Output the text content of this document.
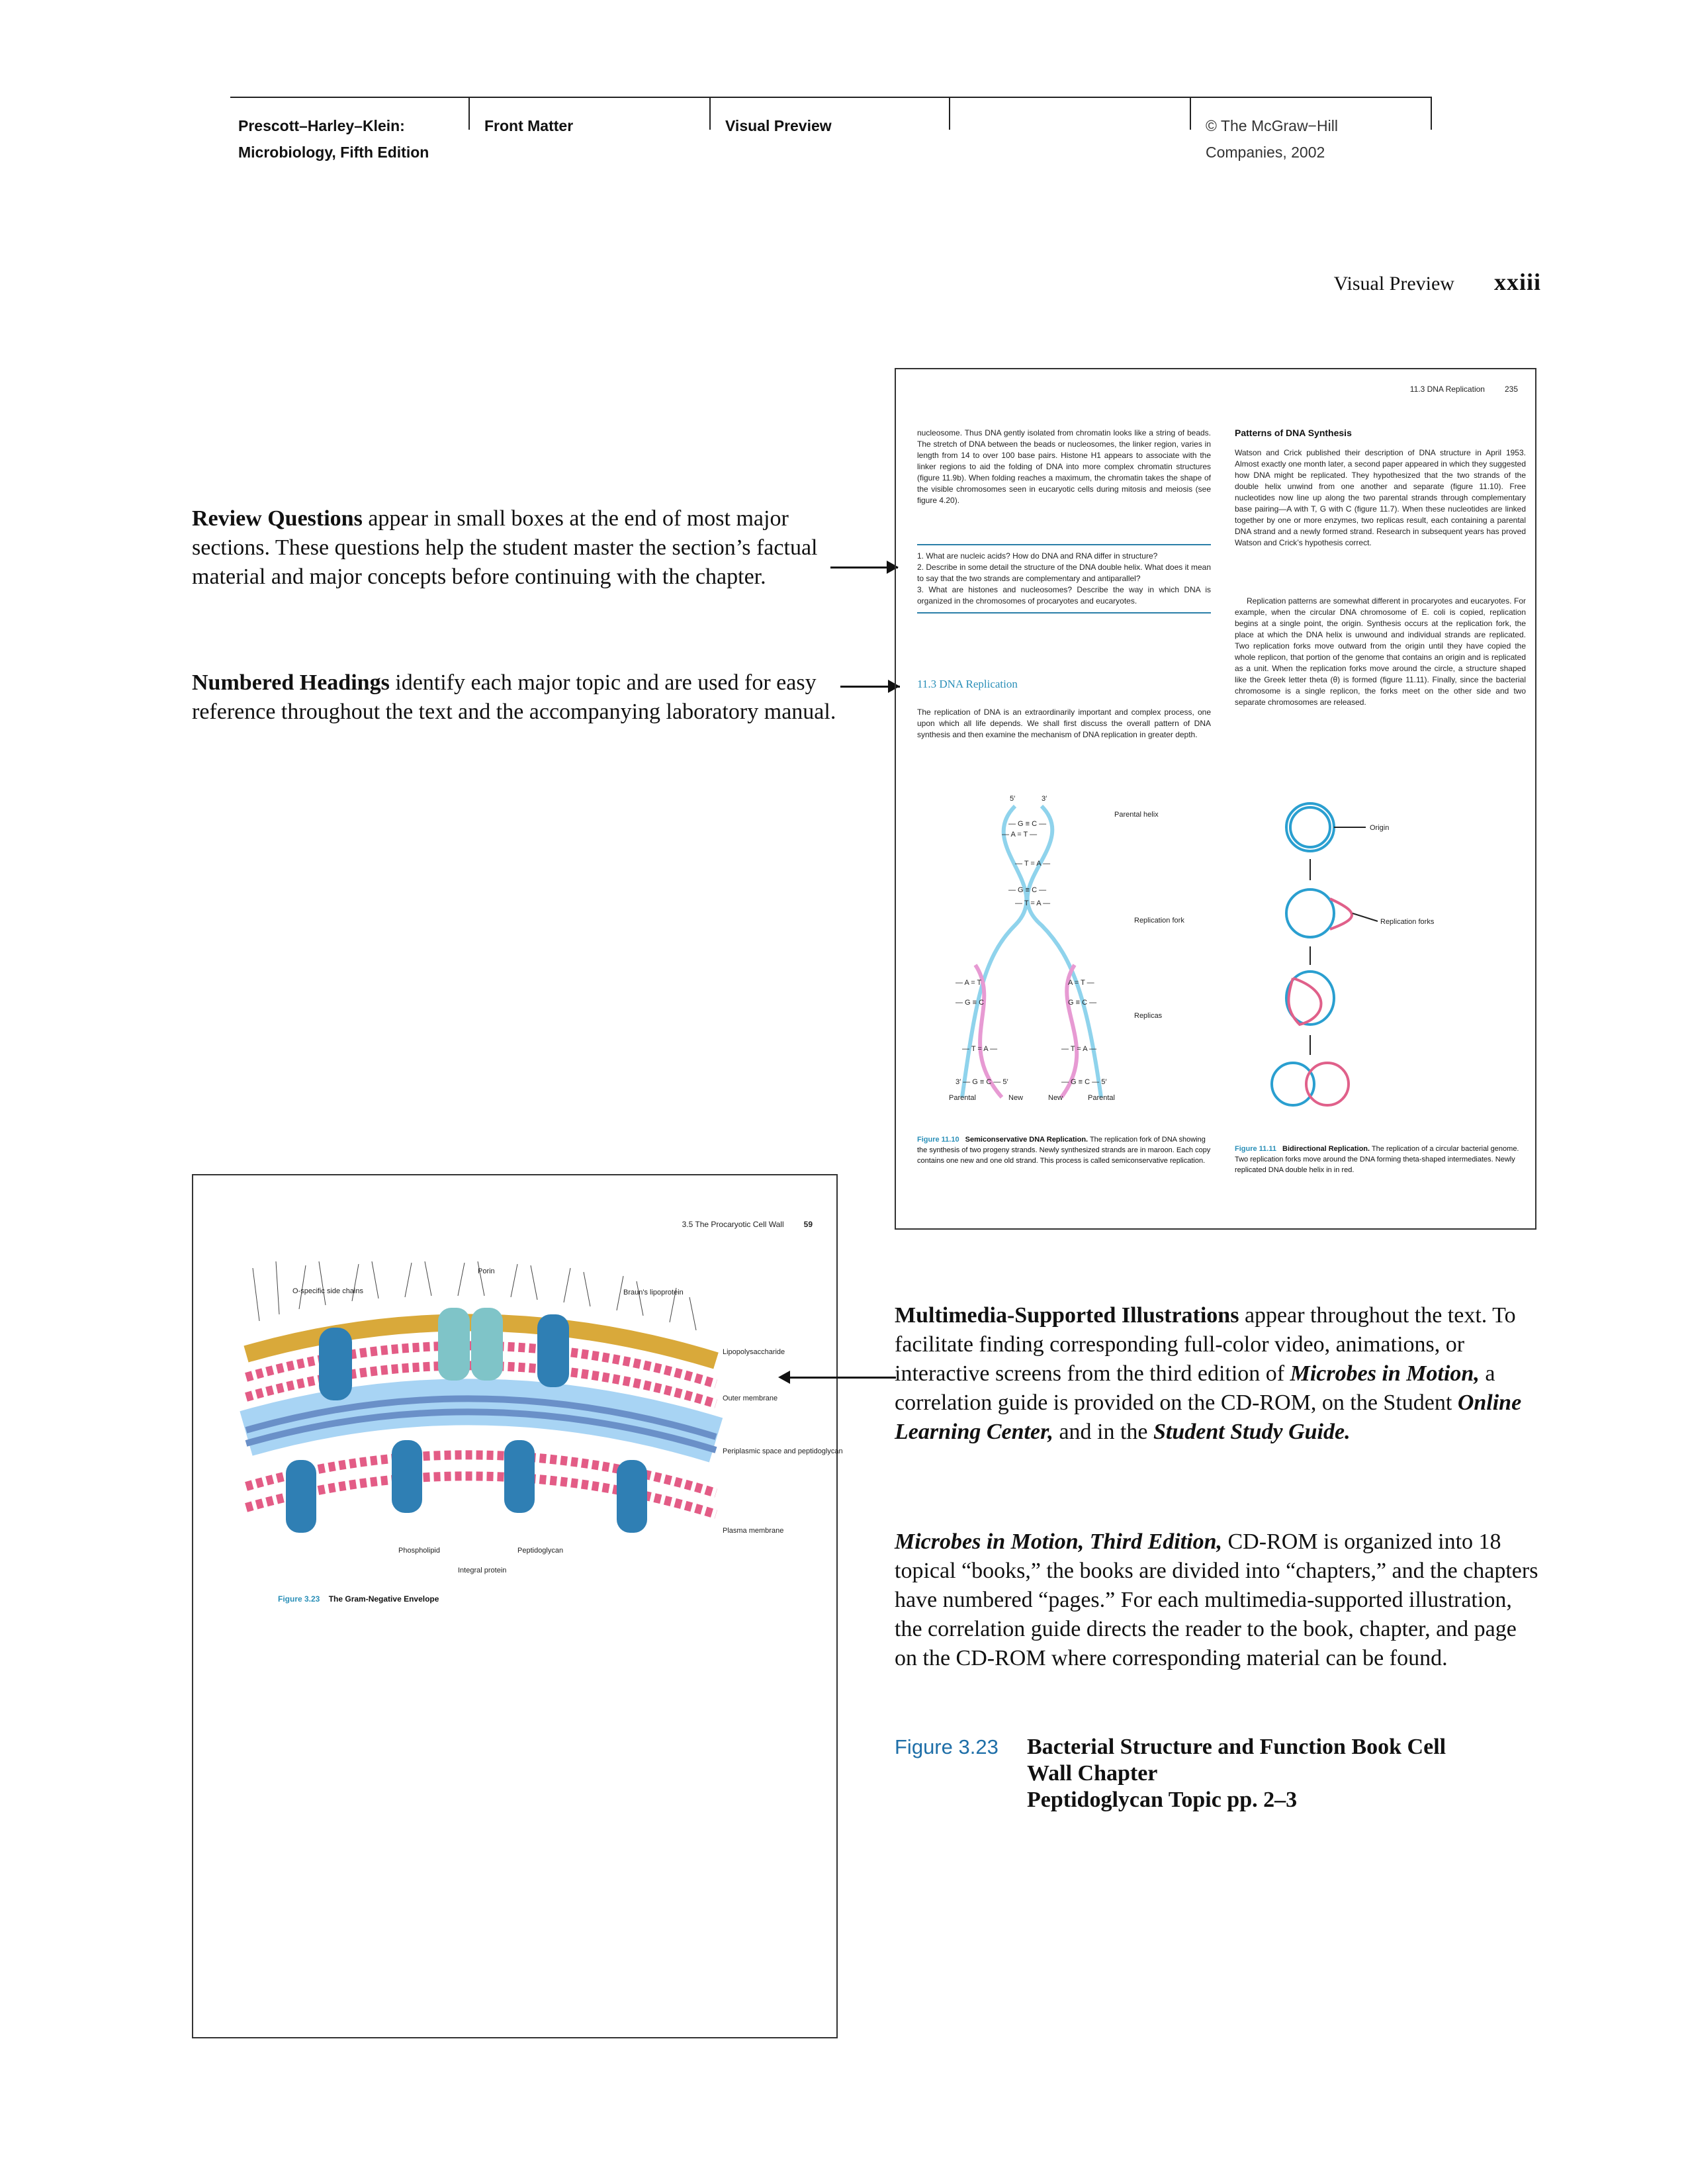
Prescott–Harley–Klein:
Microbiology, Fifth Edition
Front Matter	Visual Preview	© The McGraw−Hill
Companies, 2002
Visual Preview xxiii
Review Questions appear in small boxes at the end of most major sections. These questions help the student master the section’s factual material and major concepts before continuing with the chapter.
Numbered Headings identify each major topic and are used for easy reference throughout the text and the accompanying laboratory manual.
11.3 DNA Replication	235
nucleosome. Thus DNA gently isolated from chromatin looks like a string of beads. The stretch of DNA between the beads or nucleosomes, the linker region, varies in length from 14 to over 100 base pairs. Histone H1 appears to associate with the linker regions to aid the folding of DNA into more complex chromatin structures (figure 11.9b). When folding reaches a maximum, the chromatin takes the shape of the visible chromosomes seen in eucaryotic cells during mitosis and meiosis (see figure 4.20).
1. What are nucleic acids? How do DNA and RNA differ in structure?
2. Describe in some detail the structure of the DNA double helix. What does it mean to say that the two strands are complementary and antiparallel?
3. What are histones and nucleosomes? Describe the way in which DNA is organized in the chromosomes of procaryotes and eucaryotes.
11.3 DNA Replication
The replication of DNA is an extraordinarily important and complex process, one upon which all life depends. We shall first discuss the overall pattern of DNA synthesis and then examine the mechanism of DNA replication in greater depth.
Patterns of DNA Synthesis
Watson and Crick published their description of DNA structure in April 1953. Almost exactly one month later, a second paper appeared in which they suggested how DNA might be replicated. They hypothesized that the two strands of the double helix unwind from one another and separate (figure 11.10). Free nucleotides now line up along the two parental strands through complementary base pairing—A with T, G with C (figure 11.7). When these nucleotides are linked together by one or more enzymes, two replicas result, each containing a parental DNA strand and a newly formed strand. Research in subsequent years has proved Watson and Crick’s hypothesis correct.
Replication patterns are somewhat different in procaryotes and eucaryotes. For example, when the circular DNA chromosome of E. coli is copied, replication begins at a single point, the origin. Synthesis occurs at the replication fork, the place at which the DNA helix is unwound and individual strands are replicated. Two replication forks move outward from the origin until they have copied the whole replicon, that portion of the genome that contains an origin and is replicated as a unit. When the replication forks move around the circle, a structure shaped like the Greek letter theta (θ) is formed (figure 11.11). Finally, since the bacterial chromosome is a single replicon, the forks meet on the other side and two separate chromosomes are released.
5′	3′
— G ≡ C —
— A = T —
— T = A —
— G ≡ C —
— T = A —
— A = T	A = T —
— G ≡ C	G ≡ C —
— T = A —	— T = A —
3′ — G ≡ C — 5′	— G ≡ C — 5′
Parental helix
Replication fork
Replicas
Parental	New	New	Parental
Origin
Replication forks
Figure 11.10 Semiconservative DNA Replication. The replication fork of DNA showing the synthesis of two progeny strands. Newly synthesized strands are in maroon. Each copy contains one new and one old strand. This process is called semiconservative replication.
Figure 11.11 Bidirectional Replication. The replication of a circular bacterial genome. Two replication forks move around the DNA forming theta-shaped intermediates. Newly replicated DNA double helix in in red.
3.5 The Procaryotic Cell Wall	59
Porin
O-specific side chains	Braun's lipoprotein
Lipopolysaccharide
Outer membrane
Periplasmic space and peptidoglycan
Plasma membrane
Phospholipid	Peptidoglycan
Integral protein
Figure 3.23 The Gram-Negative Envelope
Multimedia-Supported Illustrations appear throughout the text. To facilitate finding corresponding full-color video, animations, or interactive screens from the third edition of Microbes in Motion, a correlation guide is provided on the CD-ROM, on the Student Online Learning Center, and in the Student Study Guide.
Microbes in Motion, Third Edition, CD-ROM is organized into 18 topical “books,” the books are divided into “chapters,” and the chapters have numbered “pages.” For each multimedia-supported illustration, the correlation guide directs the reader to the book, chapter, and page on the CD-ROM where corresponding material can be found.
Figure 3.23 Bacterial Structure and Function Book Cell
Wall Chapter
Peptidoglycan Topic pp. 2–3
